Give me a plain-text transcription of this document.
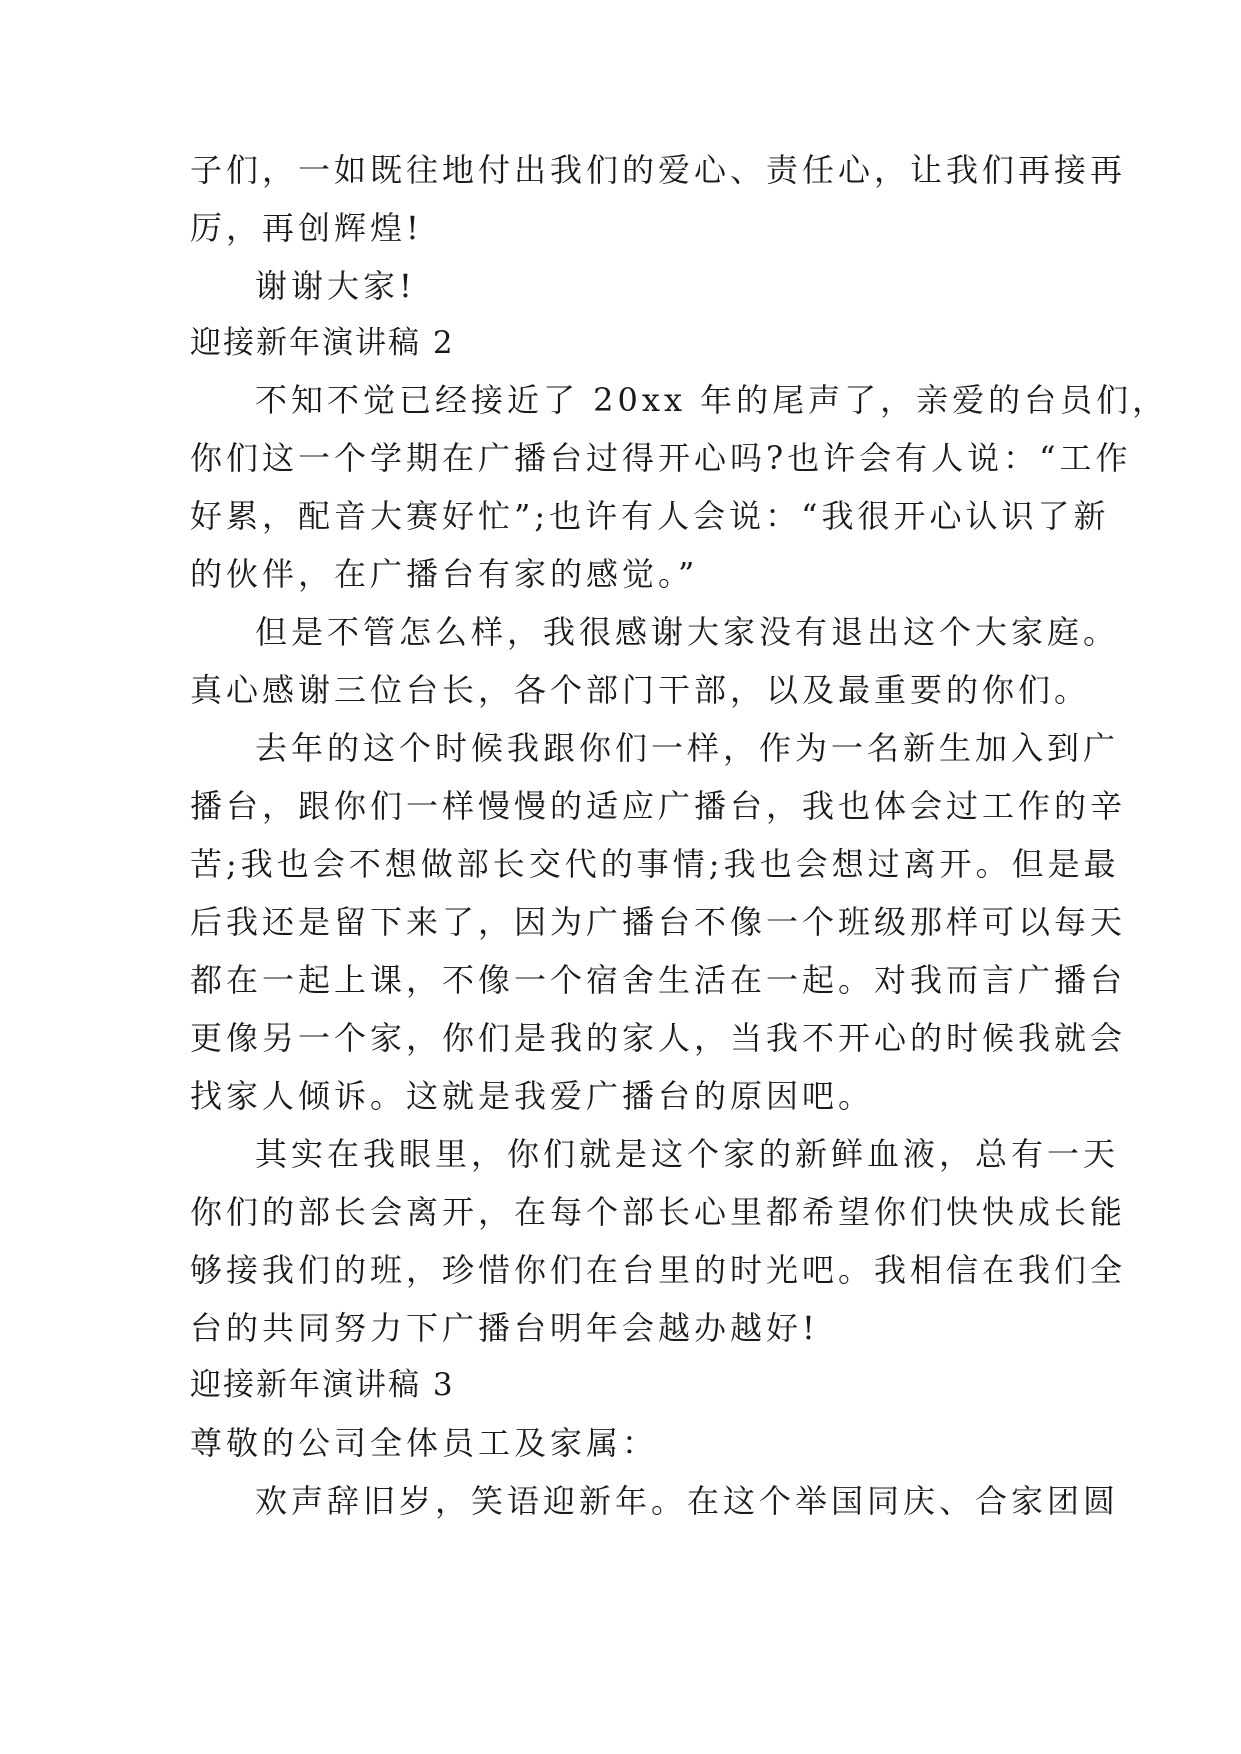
子们，一如既往地付出我们的爱心、责任心，让我们再接再
厉，再创辉煌!
谢谢大家!
迎接新年演讲稿 2
不知不觉已经接近了 20xx 年的尾声了，亲爱的台员们，
你们这一个学期在广播台过得开心吗?也许会有人说：“工作
好累，配音大赛好忙”;也许有人会说：“我很开心认识了新
的伙伴，在广播台有家的感觉。”
但是不管怎么样，我很感谢大家没有退出这个大家庭。
真心感谢三位台长，各个部门干部，以及最重要的你们。
去年的这个时候我跟你们一样，作为一名新生加入到广
播台，跟你们一样慢慢的适应广播台，我也体会过工作的辛
苦;我也会不想做部长交代的事情;我也会想过离开。但是最
后我还是留下来了，因为广播台不像一个班级那样可以每天
都在一起上课，不像一个宿舍生活在一起。对我而言广播台
更像另一个家，你们是我的家人，当我不开心的时候我就会
找家人倾诉。这就是我爱广播台的原因吧。
其实在我眼里，你们就是这个家的新鲜血液，总有一天
你们的部长会离开，在每个部长心里都希望你们快快成长能
够接我们的班，珍惜你们在台里的时光吧。我相信在我们全
台的共同努力下广播台明年会越办越好!
迎接新年演讲稿 3
尊敬的公司全体员工及家属：
欢声辞旧岁，笑语迎新年。在这个举国同庆、合家团圆
